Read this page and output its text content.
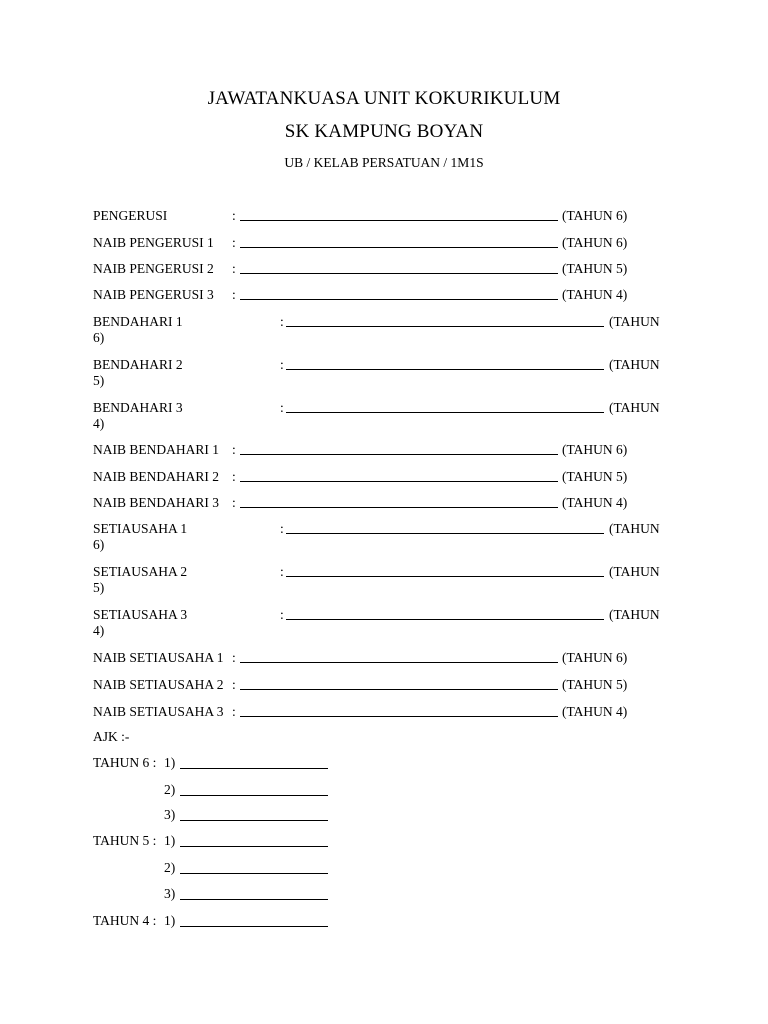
JAWATANKUASA UNIT KOKURIKULUM
SK KAMPUNG BOYAN
UB / KELAB PERSATUAN / 1M1S
PENGERUSI	:	(TAHUN 6)
NAIB PENGERUSI 1 :	(TAHUN 6)
NAIB PENGERUSI 2 :	(TAHUN 5)
NAIB PENGERUSI 3 :	(TAHUN 4)
BENDAHARI 1	:	(TAHUN
6)
BENDAHARI 2	:	(TAHUN
5)
BENDAHARI 3	:	(TAHUN
4)
NAIB BENDAHARI 1 :	(TAHUN 6)
NAIB BENDAHARI 2 :	(TAHUN 5)
NAIB BENDAHARI 3 :	(TAHUN 4)
SETIAUSAHA 1	:	(TAHUN
6)
SETIAUSAHA 2	:	(TAHUN
5)
SETIAUSAHA 3	:	(TAHUN
4)
NAIB SETIAUSAHA 1 :	(TAHUN 6)
NAIB SETIAUSAHA 2 :	(TAHUN 5)
NAIB SETIAUSAHA 3 :	(TAHUN 4)
AJK :-
TAHUN 6 : 1)
2)
3)
TAHUN 5 : 1)
2)
3)
TAHUN 4 : 1)
